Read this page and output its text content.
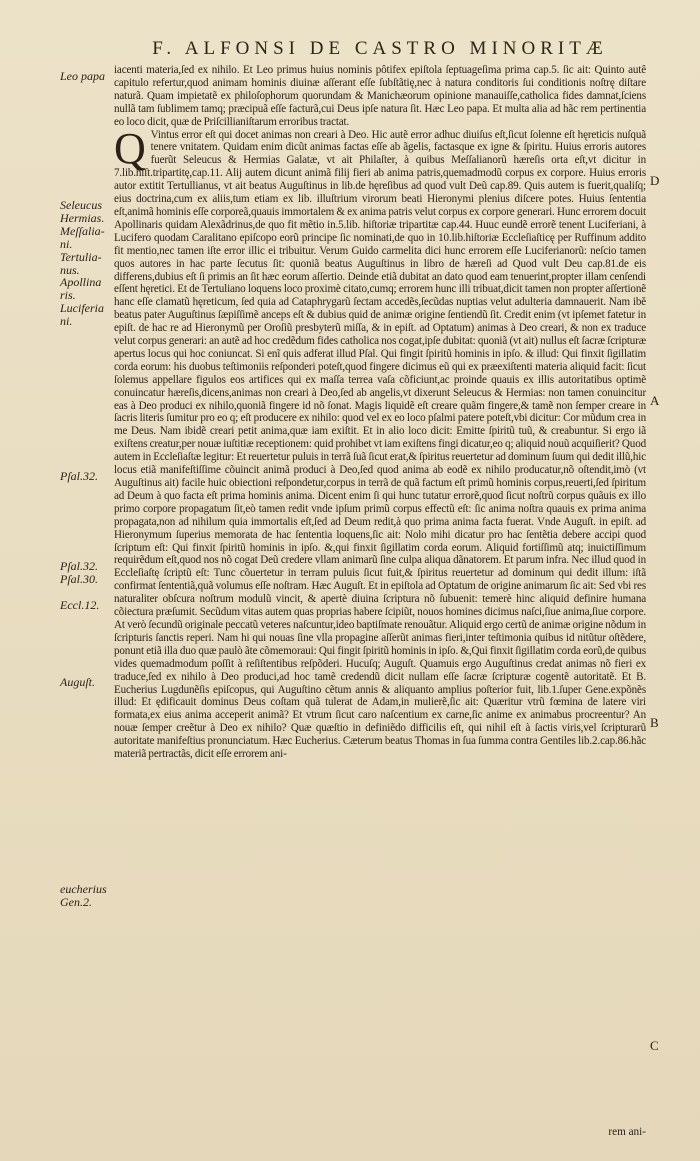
F. ALFONSI DE CASTRO MINORITÆ
Leo papa
Seleucus
Hermias.
Meſſalia-
ni.
Tertulia-
nus.
Apollina
ris.
Luciferia
ni.
Pſal.32.
Pſal.32.
Pſal.30.
Eccl.12.
Auguſt.
eucherius
Gen.2.

iacenti materia,ſed ex nihilo. Et Leo primus huius nominis pôtifex epiſtola ſeptuageſima prima cap.5. ſic ait: Quinto autê capitulo refertur,quod animam hominis diuinæ aſſerant eſſe ſubſtãtię,nec à natura conditoris ſui conditionis noſtrę diſtare naturã. Quam impietatẽ ex philoſophorum quorundam & Manichæorum opinione manauiſſe,catholica fides damnat,ſciens nullã tam ſublimem tamq; præcipuã eſſe facturã,cui Deus ipſe natura ſit. Hæc Leo papa. Et multa alia ad hãc rem pertinentia eo loco dicit, quæ de Priſcillianiſtarum erroribus tractat.

Q Vintus error eſt qui docet animas non creari à Deo. Hic autẽ error adhuc diuiſus eſt,ſicut ſolenne eſt hęreticis nuſquã tenere vnitatem. Quidam enim dicũt animas factas eſſe ab ãgelis, factasque ex igne & ſpiritu. Huius erroris autores fuerũt Seleucus & Hermias Galatæ, vt ait Philaſter, à quibus Meſſalianorũ hæreſis orta eſt,vt dicitur in 7.lib.hiſt.tripartitę,cap.11. Alij autem dicunt animã filij fieri ab anima patris,quemadmodũ corpus ex corpore. Huius erroris autor extitit Tertullianus, vt ait beatus Auguſtinus in lib.de hęreſibus ad quod vult Deũ cap.89. Quis autem is fuerit,qualiſq; eius doctrina,cum ex aliis,tum etiam ex lib. illuſtrium virorum beati Hieronymi plenius diſcere potes. Huius ſententia eſt,animã hominis eſſe corporeã,quauis immortalem & ex anima patris velut corpus ex corpore generari. Hunc errorem docuit Apollinaris quidam Alexãdrinus,de quo fit mẽtio in.5.lib. hiſtoriæ tripartitæ cap.44. Huuc eundẽ errorẽ tenent Luciferiani, à Lucifero quodam Caralitano epiſcopo eorũ principe ſic nominati,de quo in 10.lib.hiſtoriæ Eccleſiaſticę per Ruffinum addito fit mentio,nec tamen iſte error illic ei tribuitur. Verum Guido carmelita dici hunc errorem eſſe Luciferianorũ: neſcio tamen quos autores in hac parte ſecutus ſit: quoniã beatus Auguſtinus in libro de hæreſi ad Quod vult Deu cap.81.de eis differens,dubius eſt ſi primis an ſit hæc eorum aſſertio. Deinde etiã dubitat an dato quod eam tenuerint,propter illam cenſendi eſſent hęretici. Et de Tertuliano loquens loco proximè citato,cumq; errorem hunc illi tribuat,dicit tamen non propter aſſertionẽ hanc eſſe clamatũ hęreticum, ſed quia ad Cataphrygarũ ſectam accedẽs,ſecũdas nuptias velut adulteria damnauerit. Nam ibĕ beatus pater Auguſtinus ſæpiſſimẽ anceps eſt & dubius quid de animæ origine ſentiendũ ſit. Credit enim (vt ipſemet fatetur in epiſt. de hac re ad Hieronymũ per Oroſiũ presbyterũ miſſa, & in epiſt. ad Optatum) animas à Deo creari, & non ex traduce velut corpus generari: an autẽ ad hoc credẽdum fides catholica nos cogat,ipſe dubitat: quoniã (vt ait) nullus eſt ſacræ ſcripturæ apertus locus qui hoc coniuncat. Si enĩ quis adferat illud Pſal. Qui fingit ſpiritũ hominis in ipſo. & illud: Qui finxit ſigillatim corda eorum: his duobus teſtimoniis reſponderi poteſt,quod fingere dicimus eũ qui ex præexiſtenti materia aliquid facit: ſicut ſolemus appellare figulos eos artifices qui ex maſſa terrea vaſa cõficiunt,ac proinde quauis ex illis autoritatibus optimẽ conuincatur hæreſis,dicens,animas non creari à Deo,ſed ab angelis,vt dixerunt Seleucus & Hermias: non tamen conuincitur eas à Deo produci ex nihilo,quoniã fingere id nõ ſonat. Magis liquidẽ eſt creare quãm fingere,& tamẽ non ſemper creare in ſacris literis ſumitur pro eo q; eſt producere ex nihilo: quod vel ex eo loco pſalmi patere poteſt,vbi dicitur: Cor mũdum crea in me Deus. Nam ibidẽ creari petit anima,quæ iam exiſtit. Et in alio loco dicit: Emitte ſpiritũ tuũ, & creabuntur. Si ergo iã exiſtens creatur,per nouæ iuſtitiæ receptionem: quid prohibet vt iam exiſtens fingi dicatur,eo q; aliquid nouũ acquiſierit? Quod autem in Eccleſiaſtæ legitur: Et reuertetur puluis in terrã ſuã ſicut erat,& ſpiritus reuertetur ad dominum ſuum qui dedit illũ,hic locus etiã manifeſtiſſime cõuincit animã produci à Deo,ſed quod anima ab eodẽ ex nihilo producatur,nõ oſtendit,imò (vt Auguſtinus ait) facile huic obiectioni reſpondetur,corpus in terrã de quã factum eſt primũ hominis corpus,reuerti,ſed ſpiritum ad Deum à quo facta eſt prima hominis anima. Dicent enim ſi qui hunc tutatur errorẽ,quod ſicut noſtrũ corpus quãuis ex illo primo corpore propagatum ſit,eò tamen redit vnde ipſum primũ corpus effectũ eſt: ſic anima noſtra quauis ex prima anima propagata,non ad nihilum quia immortalis eſt,ſed ad Deum redit,à quo prima anima facta fuerat. Vnde Auguſt. in epiſt. ad Hieronymum ſuperius memorata de hac ſententia loquens,ſic ait: Nolo mihi dicatur pro hac ſentẽtia debere accipi quod ſcriptum eſt: Qui finxit ſpiritũ hominis in ipſo. &,qui finxit ſigillatim corda eorum. Aliquid fortiſſimũ atq; inuictiſſimum requirẽdum eſt,quod nos nõ cogat Deũ credere vllam animarũ ſine culpa aliqua dãnatorem. Et parum infra. Nec illud quod in Eccleſiaſtę ſcriptũ eſt: Tunc cõuertetur in terram puluis ſicut fuit,& ſpiritus reuertetur ad dominum qui dedit illum: iſtã confirmat ſententiã,quã volumus eſſe noſtram. Hæc Auguſt. Et in epiſtola ad Optatum de origine animarum ſic ait: Sed vbi res naturaliter obſcura noſtrum modulũ vincit, & apertè diuina ſcriptura nõ ſubuenit: temerè hinc aliquid definire humana cõiectura præſumit. Secũdum vitas autem quas proprias habere ſcipiũt, nouos homines dicimus naſci,ſiue anima,ſiue corpore. At verò ſecundũ originale peccatũ veteres naſcuntur,ideo baptiſmate renouãtur. Aliquid ergo certũ de animæ origine nõdum in ſcripturis ſanctis reperi. Nam hi qui nouas ſine vlla propagine aſſerũt animas fieri,inter teſtimonia quibus id nitũtur oſtẽdere, ponunt etiã illa duo quæ paulò ãte cõmemoraui: Qui fingit ſpiritũ hominis in ipſo. &,Qui finxit ſigillatim corda eorũ,de quibus vides quemadmodum poſſit à reſiſtentibus reſpõderi. Hucuſq; Auguſt. Quamuis ergo Auguſtinus credat animas nõ fieri ex traduce,ſed ex nihilo à Deo produci,ad hoc tamẽ credendũ dicit nullam eſſe ſacræ ſcripturæ cogentẽ autoritatẽ. Et B. Eucherius Lugdunẽſis epiſcopus, qui Auguſtino cẽtum annis & aliquanto amplius poſterior fuit, lib.1.ſuper Gene.expõnẽs illud: Et ędificauit dominus Deus coſtam quã tulerat de Adam,in mulierẽ,ſic ait: Quæritur vtrũ fœmina de latere viri formata,ex eius anima acceperit animã? Et vtrum ſicut caro naſcentium ex carne,ſic anime ex animabus procreentur? An nouæ ſemper creẽtur à Deo ex nihilo? Quæ quæſtio in definiẽdo difficilis eſt, qui nihil eſt à ſactis viris,vel ſcripturarũ autoritate manifeſtius pronunciatum. Hæc Eucherius. Cæterum beatus Thomas in ſua ſumma contra Gentiles lib.2.cap.86.hãc materiã pertractãs, dicit eſſe errorem ani-

rem ani-
D
A
B
C
